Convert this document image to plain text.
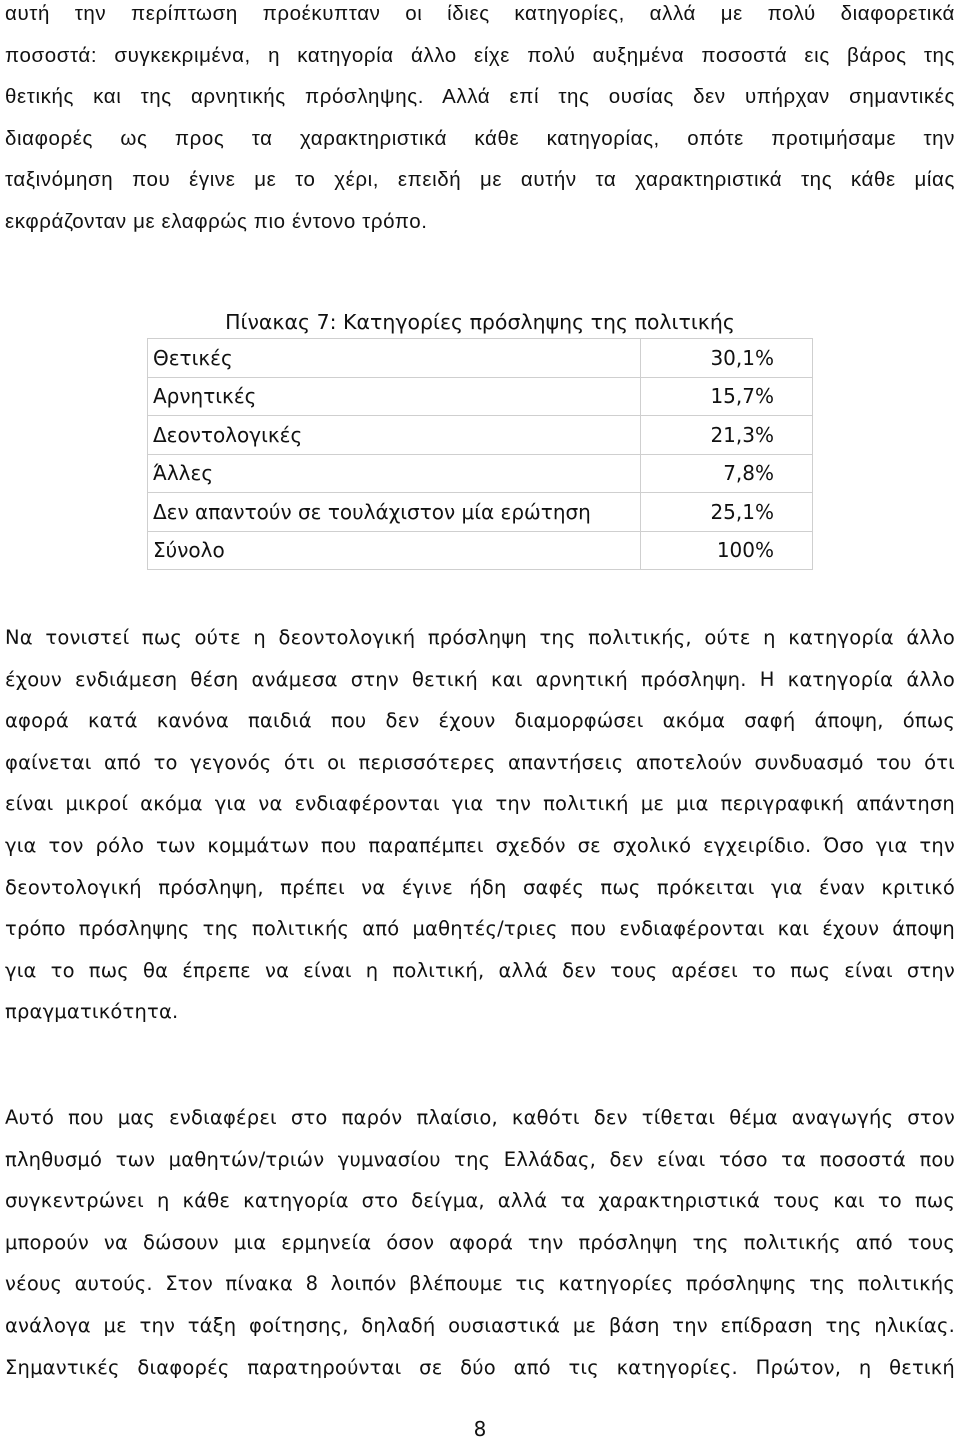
αυτή την περίπτωση προέκυπταν οι ίδιες κατηγορίες, αλλά με πολύ διαφορετικά
ποσοστά: συγκεκριμένα, η κατηγορία άλλο είχε πολύ αυξημένα ποσοστά εις βάρος της
θετικής και της αρνητικής πρόσληψης. Αλλά επί της ουσίας δεν υπήρχαν σημαντικές
διαφορές ως προς τα χαρακτηριστικά κάθε κατηγορίας, οπότε προτιμήσαμε την
ταξινόμηση που έγινε με το χέρι, επειδή με αυτήν τα χαρακτηριστικά της κάθε μίας
εκφράζονταν με ελαφρώς πιο έντονο τρόπο.
Πίνακας 7: Κατηγορίες πρόσληψης της πολιτικής
Θετικές	30,1%
Αρνητικές	15,7%
Δεοντολογικές	21,3%
Άλλες	7,8%
Δεν απαντούν σε τουλάχιστον μία ερώτηση	25,1%
Σύνολο	100%
Να τονιστεί πως ούτε η δεοντολογική πρόσληψη της πολιτικής, ούτε η κατηγορία άλλο
έχουν ενδιάμεση θέση ανάμεσα στην θετική και αρνητική πρόσληψη. Η κατηγορία άλλο
αφορά κατά κανόνα παιδιά που δεν έχουν διαμορφώσει ακόμα σαφή άποψη, όπως
φαίνεται από το γεγονός ότι οι περισσότερες απαντήσεις αποτελούν συνδυασμό του ότι
είναι μικροί ακόμα για να ενδιαφέρονται για την πολιτική με μια περιγραφική απάντηση
για τον ρόλο των κομμάτων που παραπέμπει σχεδόν σε σχολικό εγχειρίδιο. Όσο για την
δεοντολογική πρόσληψη, πρέπει να έγινε ήδη σαφές πως πρόκειται για έναν κριτικό
τρόπο πρόσληψης της πολιτικής από μαθητές/τριες που ενδιαφέρονται και έχουν άποψη
για το πως θα έπρεπε να είναι η πολιτική, αλλά δεν τους αρέσει το πως είναι στην
πραγματικότητα.
Αυτό που μας ενδιαφέρει στο παρόν πλαίσιο, καθότι δεν τίθεται θέμα αναγωγής στον
πληθυσμό των μαθητών/τριών γυμνασίου της Ελλάδας, δεν είναι τόσο τα ποσοστά που
συγκεντρώνει η κάθε κατηγορία στο δείγμα, αλλά τα χαρακτηριστικά τους και το πως
μπορούν να δώσουν μια ερμηνεία όσον αφορά την πρόσληψη της πολιτικής από τους
νέους αυτούς. Στον πίνακα 8 λοιπόν βλέπουμε τις κατηγορίες πρόσληψης της πολιτικής
ανάλογα με την τάξη φοίτησης, δηλαδή ουσιαστικά με βάση την επίδραση της ηλικίας.
Σημαντικές διαφορές παρατηρούνται σε δύο από τις κατηγορίες. Πρώτον, η θετική
8
